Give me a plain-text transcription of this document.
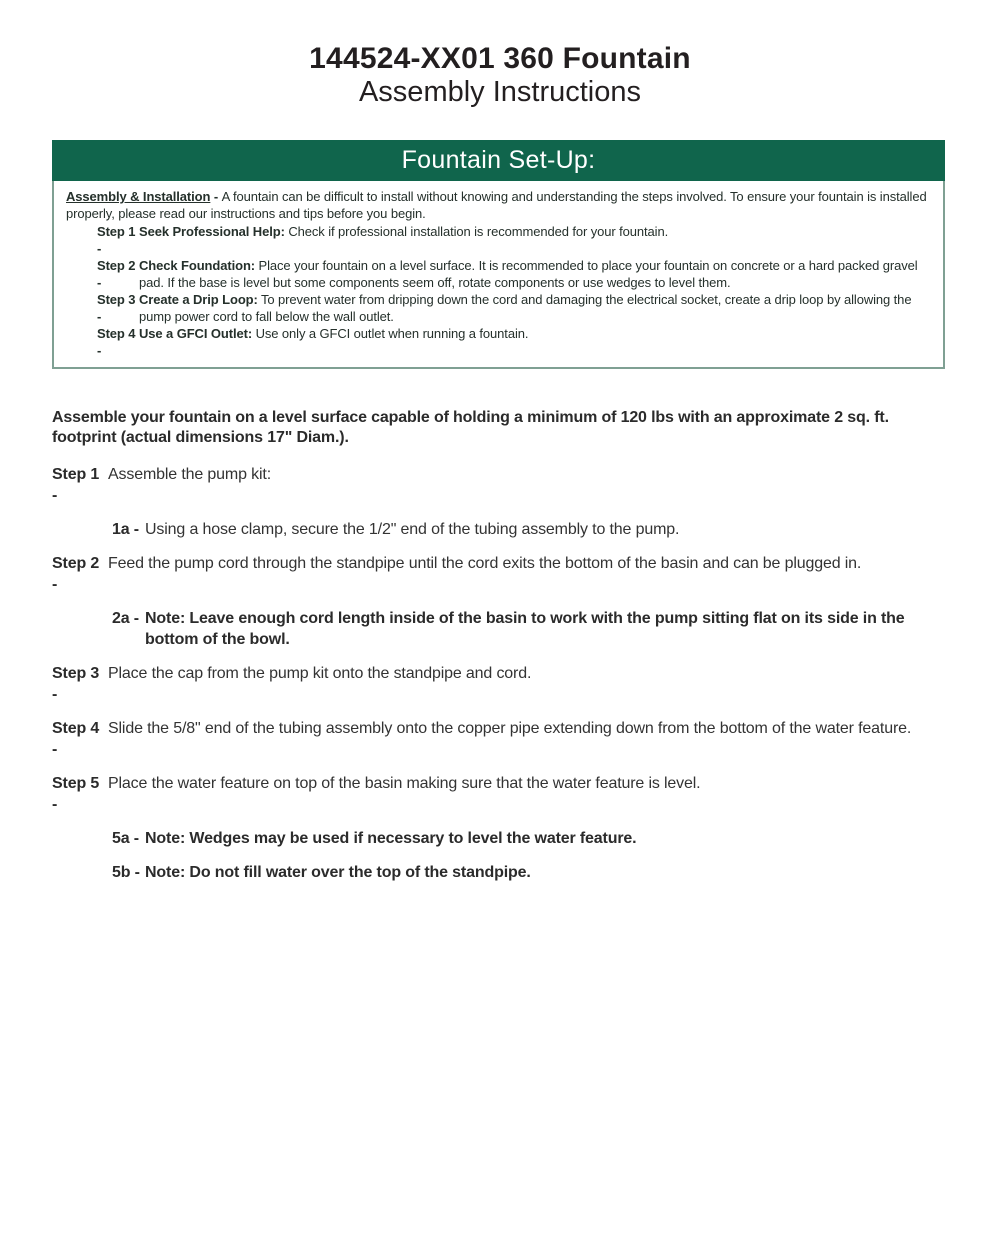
144524-XX01 360 Fountain
Assembly Instructions
Fountain Set-Up:

Assembly & Installation - A fountain can be difficult to install without knowing and understanding the steps involved. To ensure your fountain is installed properly, please read our instructions and tips before you begin.

Step 1 -
Seek Professional Help: Check if professional installation is recommended for your fountain.
Step 2 -
Check Foundation: Place your fountain on a level surface. It is recommended to place your fountain on concrete or a hard packed gravel pad. If the base is level but some components seem off, rotate components or use wedges to level them.
Step 3 -
Create a Drip Loop: To prevent water from dripping down the cord and damaging the electrical socket, create a drip loop by allowing the pump power cord to fall below the wall outlet.
Step 4 -
Use a GFCI Outlet: Use only a GFCI outlet when running a fountain.
Assemble your fountain on a level surface capable of holding a minimum of 120 lbs with an approximate 2 sq. ft.
footprint (actual dimensions 17" Diam.).
Step 1 -
Assemble the pump kit:
1a - Using a hose clamp, secure the 1/2" end of the tubing assembly to the pump.
Step 2 -
Feed the pump cord through the standpipe until the cord exits the bottom of the basin and can be plugged in.
2a - Note: Leave enough cord length inside of the basin to work with the pump sitting flat on its side in the bottom of the bowl.
Step 3 -
Place the cap from the pump kit onto the standpipe and cord.
Step 4 -
Slide the 5/8" end of the tubing assembly onto the copper pipe extending down from the bottom of the water feature.
Step 5 -
Place the water feature on top of the basin making sure that the water feature is level.
5a - Note: Wedges may be used if necessary to level the water feature.
5b - Note: Do not fill water over the top of the standpipe.
